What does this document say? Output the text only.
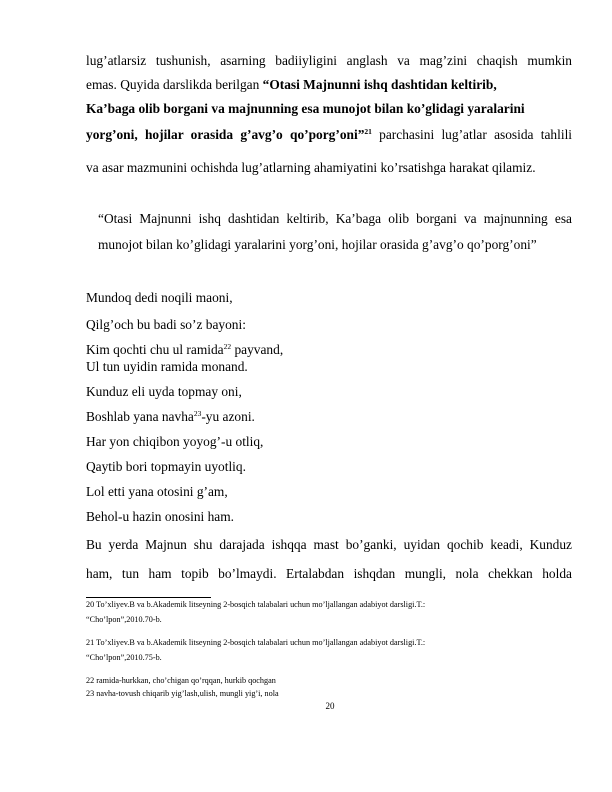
lug’atlarsiz tushunish, asarning badiiyligini anglash va mag’zini chaqish mumkin
emas. Quyida darslikda berilgan “Otasi Majnunni ishq dashtidan keltirib,
Ka’baga olib borgani va majnunning esa munojot bilan ko’glidagi yaralarini
yorg’oni, hojilar orasida g’avg’o qo’porg’oni”$^{21}$ parchasini lug’atlar asosida tahlili
va asar mazmunini ochishda lug’atlarning ahamiyatini ko’rsatishga harakat qilamiz.
“Otasi Majnunni ishq dashtidan keltirib, Ka’baga olib borgani va majnunning esa
munojot bilan ko’glidagi yaralarini yorg’oni, hojilar orasida g’avg’o qo’porg’oni”
Mundoq dedi noqili maoni,
Qilg’och bu badi so’z bayoni:
Kim qochti chu ul ramida$^{22}$ payvand,
Ul tun uyidin ramida monand.
Kunduz eli uyda topmay oni,
Boshlab yana navha$^{23}$-yu azoni.
Har yon chiqibon yoyog’-u otliq,
Qaytib bori topmayin uyotliq.
Lol etti yana otosini g’am,
Behol-u hazin onosini ham.
Bu yerda Majnun shu darajada ishqqa mast bo’ganki, uyidan qochib keadi, Kunduz
ham, tun ham topib bo’lmaydi. Ertalabdan ishqdan mungli, nola chekkan holda
20 To’xliyev.B va b.Akademik litseyning 2-bosqich talabalari uchun mo’ljallangan adabiyot darsligi.T.:
“Cho’lpon”,2010.70-b.
21 To’xliyev.B va b.Akademik litseyning 2-bosqich talabalari uchun mo’ljallangan adabiyot darsligi.T.:
“Cho’lpon”,2010.75-b.
22 ramida-hurkkan, cho’chigan qo’rqqan, hurkib qochgan
23 navha-tovush chiqarib yig’lash,ulish, mungli yig’i, nola
20
